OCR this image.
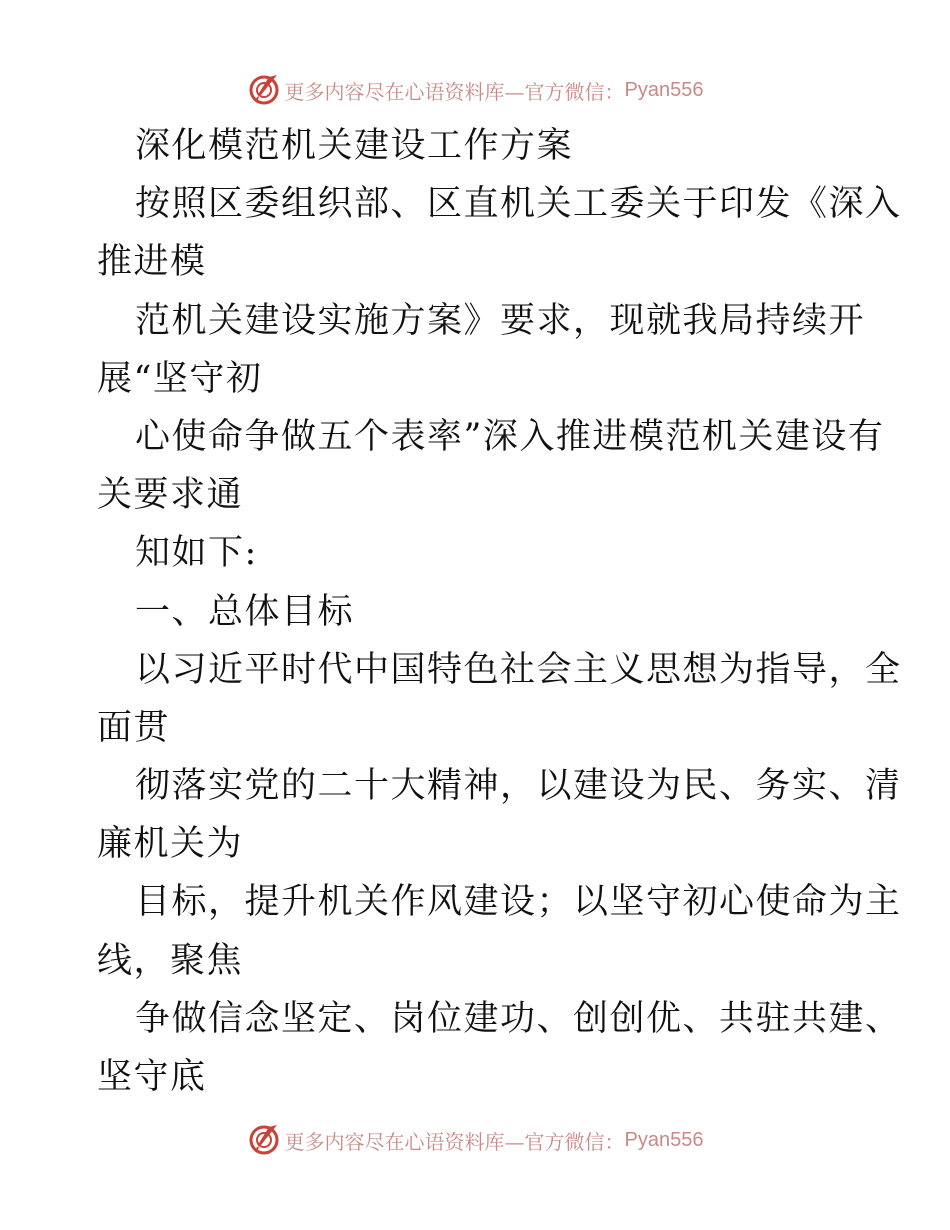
更多内容尽在心语资料库—官方微信： Pyan556
深化模范机关建设工作方案
按照区委组织部、区直机关工委关于印发《深入
推进模
范机关建设实施方案》要求，现就我局持续开
展“坚守初
心使命争做五个表率”深入推进模范机关建设有
关要求通
知如下:
一、总体目标
以习近平时代中国特色社会主义思想为指导，全
面贯
彻落实党的二十大精神，以建设为民、务实、清
廉机关为
目标，提升机关作风建设；以坚守初心使命为主
线，聚焦
争做信念坚定、岗位建功、创创优、共驻共建、
坚守底
更多内容尽在心语资料库—官方微信： Pyan556
